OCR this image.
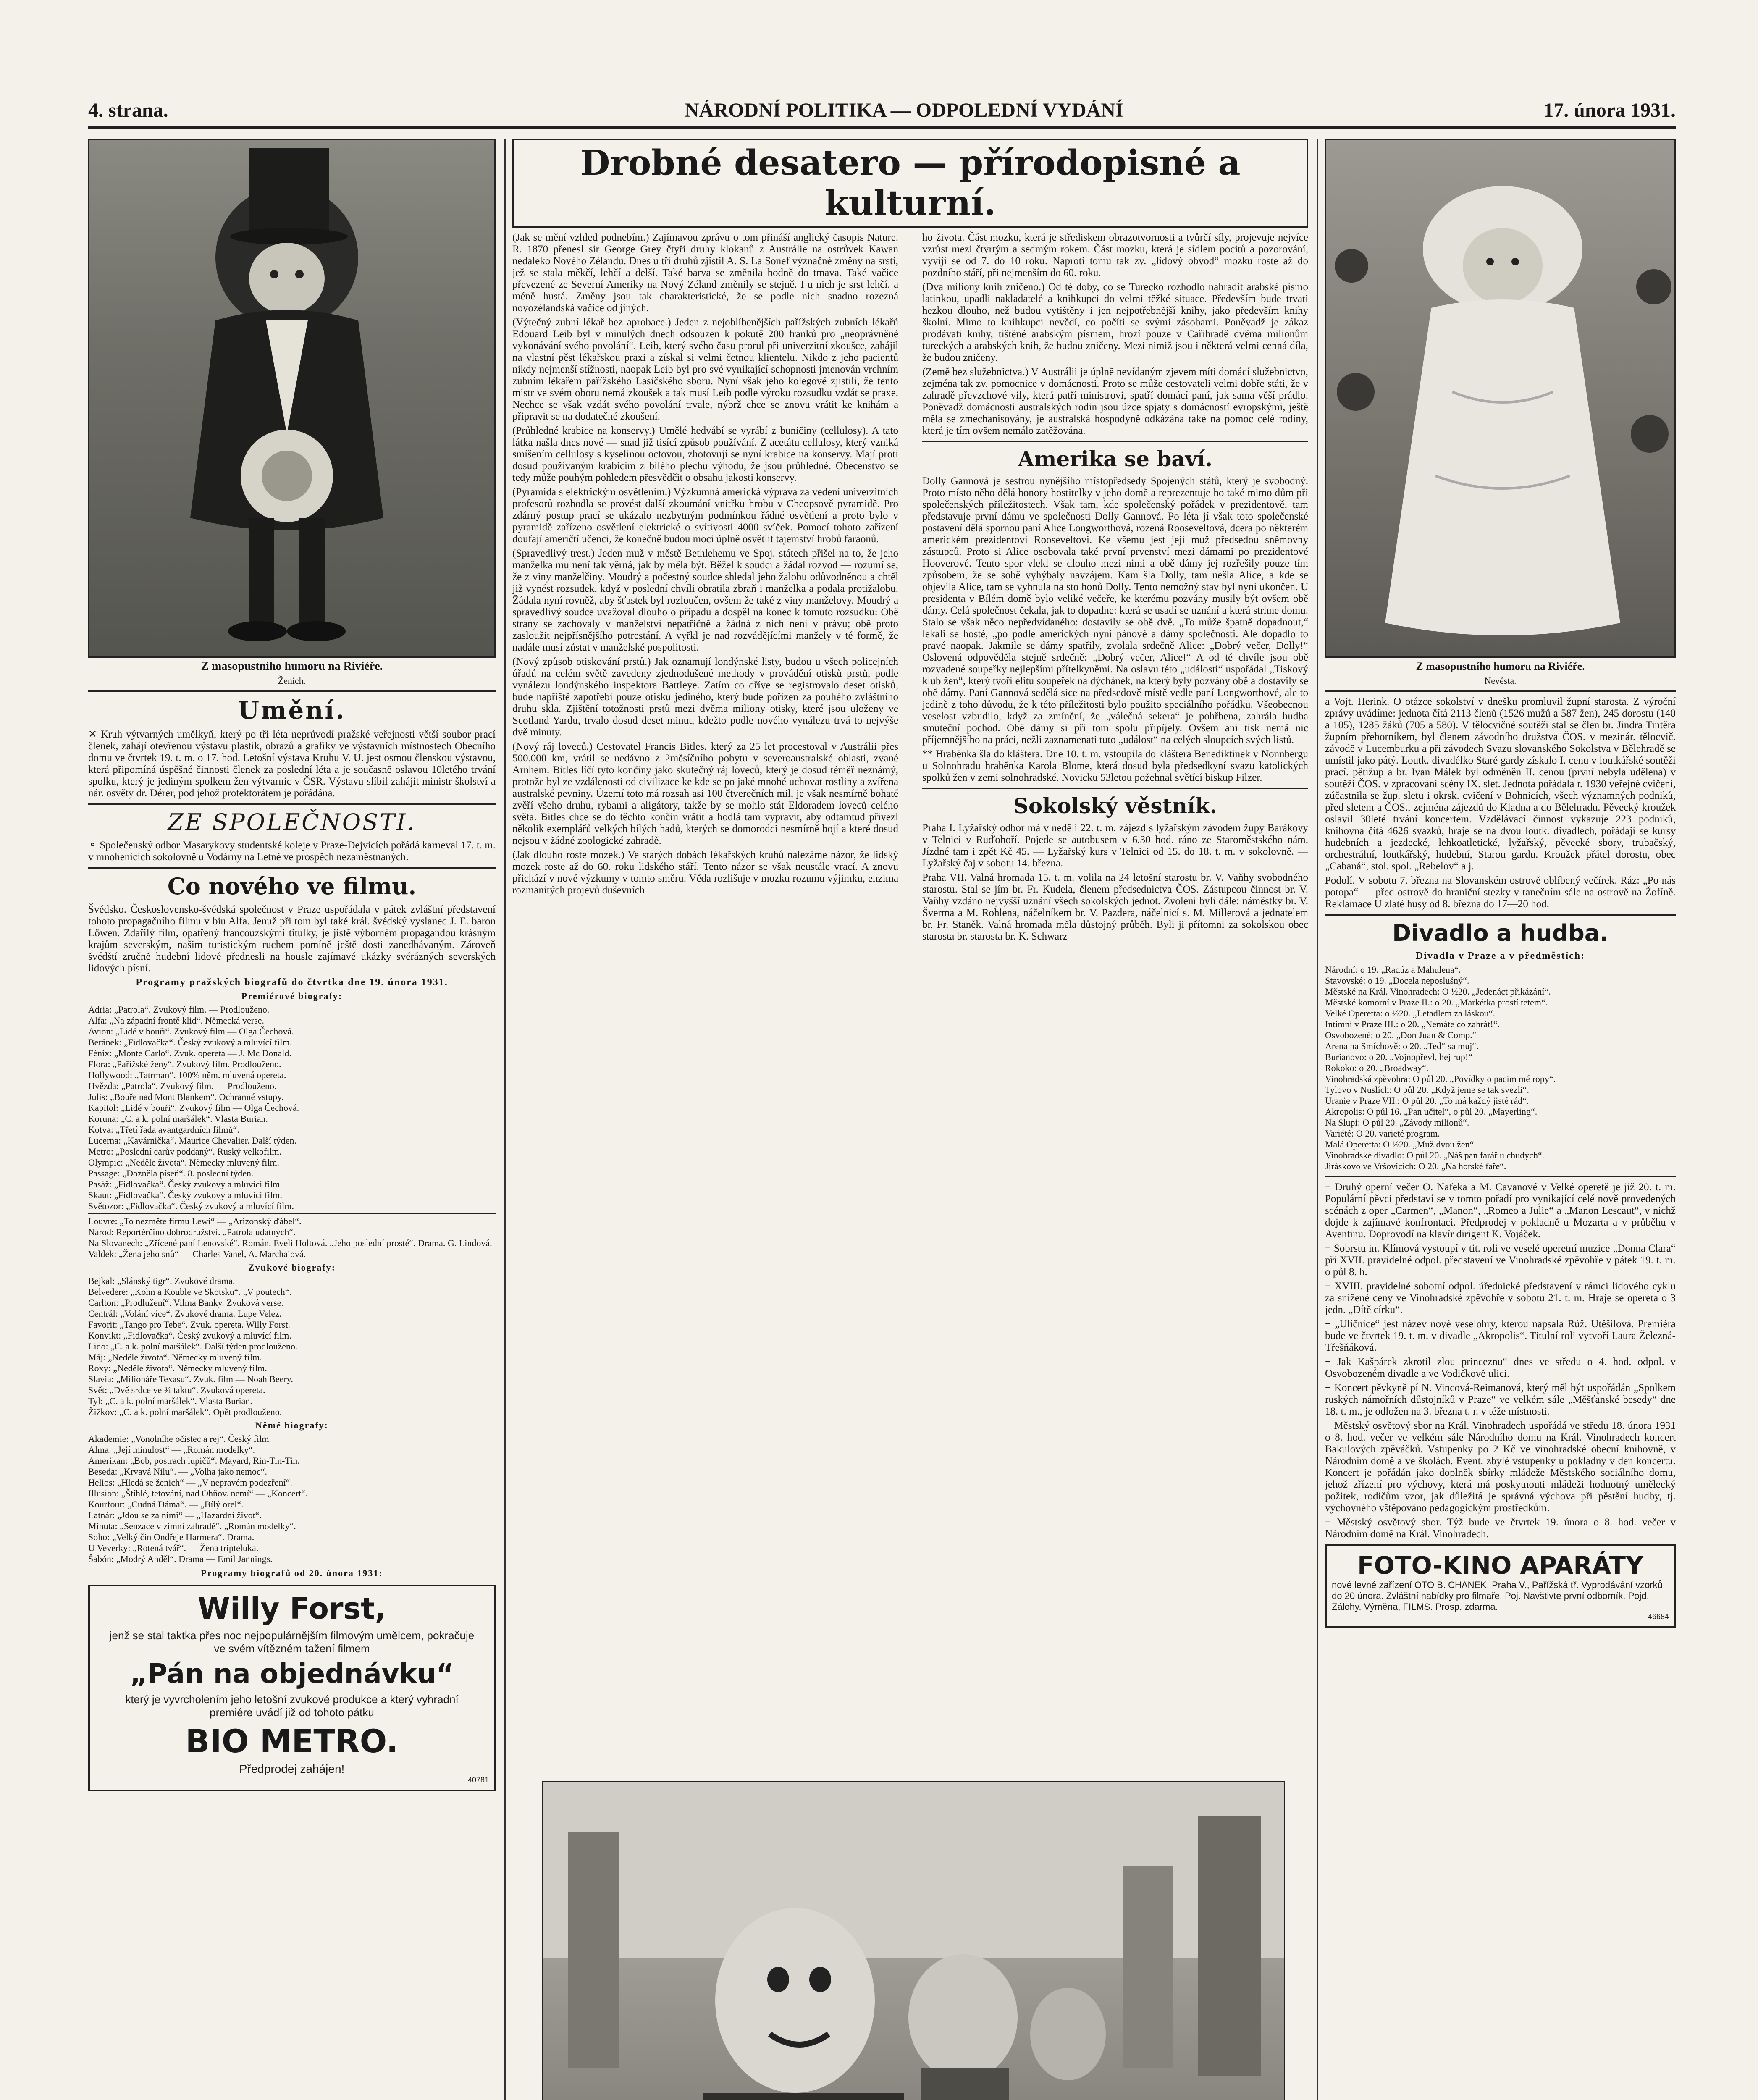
4. strana.	NÁRODNÍ POLITIKA — ODPOLEDNÍ VYDÁNÍ	17. února 1931.
Z masopustního humoru na Riviéře.
Ženich.
Umění.

✕ Kruh výtvarných umělkyň, který po tři léta neprůvodí pražské veřejnosti větší soubor prací členek, zahájí otevřenou výstavu plastik, obrazů a grafiky ve výstavních místnostech Obecního domu ve čtvrtek 19. t. m. o 17. hod. Letošní výstava Kruhu V. U. jest osmou členskou výstavou, která připomíná úspěšné činnosti členek za poslední léta a je současně oslavou 10letého trvání spolku, který je jediným spolkem žen výtvarnic v ČSR. Výstavu slíbil zahájit ministr školství a nár. osvěty dr. Dérer, pod jehož protektorátem je pořádána.

ZE SPOLEČNOSTI.

⚬ Společenský odbor Masarykovy studentské koleje v Praze-Dejvicích pořádá karneval 17. t. m. v mnohenících sokolovně u Vodárny na Letné ve prospěch nezaměstnaných.

Co nového ve filmu.

Švédsko. Československo-švédská společnost v Praze uspořádala v pátek zvláštní představení tohoto propagačního filmu v biu Alfa. Jenuž při tom byl také král. švédský vyslanec J. E. baron Löwen. Zdařilý film, opatřený francouzskými titulky, je jistě výborném propagandou krásným krajům severským, našim turistickým ruchem pomíně ještě dosti zanedbávaným. Zároveň švédští zručně hudební lidové přednesli na housle zajímavé ukázky svérázných severských lidových písní.

Programy pražských biografů do čtvrtka dne 19. února 1931.
Premiérové biografy:

Adria: „Patrola“. Zvukový film. — Prodlouženo.

Alfa: „Na západní frontě klid“. Německá verse.

Avion: „Lidé v bouři“. Zvukový film — Olga Čechová.

Beránek: „Fidlovačka“. Český zvukový a mluvící film.

Fénix: „Monte Carlo“. Zvuk. opereta — J. Mc Donald.

Flora: „Pařížské ženy“. Zvukový film. Prodlouženo.

Hollywood: „Tatrman“. 100% něm. mluvená opereta.

Hvězda: „Patrola“. Zvukový film. — Prodlouženo.

Julis: „Bouře nad Mont Blankem“. Ochranné vstupy.

Kapitol: „Lidé v bouři“. Zvukový film — Olga Čechová.

Koruna: „C. a k. polní maršálek“. Vlasta Burian.

Kotva: „Třetí řada avantgardních filmů“.

Lucerna: „Kavárnička“. Maurice Chevalier. Další týden.

Metro: „Poslední carův poddaný“. Ruský velkofilm.

Olympic: „Neděle života“. Německy mluvený film.

Passage: „Dozněla píseň“. 8. poslední týden.

Pasáž: „Fidlovačka“. Český zvukový a mluvící film.

Skaut: „Fidlovačka“. Český zvukový a mluvící film.

Světozor: „Fidlovačka“. Český zvukový a mluvící film.

Louvre: „To nezměte firmu Lewi“ — „Arizonský ďábel“.

Národ: Reportérčino dobrodružství. „Patrola udatných“.

Na Slovanech: „Zřícené paní Lenovské“. Román. Eveli Holtová. „Jeho poslední prosté“. Drama. G. Lindová.

Valdek: „Žena jeho snů“ — Charles Vanel, A. Marchaiová.

Zvukové biografy:

Bejkal: „Slánský tigr“. Zvukové drama.

Belvedere: „Kohn a Kouble ve Skotsku“. „V poutech“.

Carlton: „Prodlužení“. Vilma Banky. Zvuková verse.

Centrál: „Volání více“. Zvukové drama. Lupe Velez.

Favorit: „Tango pro Tebe“. Zvuk. opereta. Willy Forst.

Konvikt: „Fidlovačka“. Český zvukový a mluvící film.

Lido: „C. a k. polní maršálek“. Další týden prodlouženo.

Máj: „Neděle života“. Německy mluvený film.

Roxy: „Neděle života“. Německy mluvený film.

Slavia: „Milionáře Texasu“. Zvuk. film — Noah Beery.

Svět: „Dvě srdce ve ¾ taktu“. Zvuková opereta.

Tyl: „C. a k. polní maršálek“. Vlasta Burian.

Žižkov: „C. a k. polní maršálek“. Opět prodlouženo.

Němé biografy:

Akademie: „Vonolníhe očistec a rej“. Český film.

Alma: „Její minulost“ — „Román modelky“.

Amerikan: „Bob, postrach lupičů“. Mayard, Rin-Tin-Tin.

Beseda: „Krvavá Nilu“. — „Volha jako nemoc“.

Helios: „Hledá se ženich“ — „V nepravém podezření“.

Illusion: „Štíhlé, tetování, nad Ohňov. nemí“ — „Koncert“.

Kourfour: „Cudná Dáma“. — „Bílý orel“.

Latnár: „Jdou se za nimi“ — „Hazardní život“.

Minuta: „Senzace v zimní zahradě“. „Román modelky“.

Soho: „Velký čin Ondřeje Harmera“. Drama.

U Veverky: „Rotená tvář“. — Žena tripteluka.

Šabón: „Modrý Anděl“. Drama — Emil Jannings.

Programy biografů od 20. února 1931:
Willy Forst,
jenž se stal taktka přes noc nejpopulárnějším filmovým umělcem, pokračuje ve svém vítězném tažení filmem
„Pán na objednávku“
který je vyvrcholením jeho letošní zvukové produkce a který vyhradní premiére uvádí již od tohoto pátku
BIO METRO.
Předprodej zahájen!
40781
Drobné desatero — přírodopisné a kulturní.

(Jak se mění vzhled podnebím.) Zajímavou zprávu o tom přináší anglický časopis Nature. R. 1870 přenesl sir George Grey čtyři druhy klokanů z Austrálie na ostrůvek Kawan nedaleko Nového Zélandu. Dnes u tří druhů zjistil A. S. La Sonef význačné změny na srsti, jež se stala měkčí, lehčí a delší. Také barva se změnila hodně do tmava. Také vačice převezené ze Severní Ameriky na Nový Zéland změnily se stejně. I u nich je srst lehčí, a méně hustá. Změny jsou tak charakteristické, že se podle nich snadno rozezná novozélandská vačice od jiných.

(Výtečný zubní lékař bez aprobace.) Jeden z nejoblíbenějších pařížských zubních lékařů Edouard Leib byl v minulých dnech odsouzen k pokutě 200 franků pro „neoprávněné vykonávání svého povolání“. Leib, který svého času prorul při univerzitní zkoušce, zahájil na vlastní pěst lékařskou praxi a získal si velmi četnou klientelu. Nikdo z jeho pacientů nikdy nejmenší stížnosti, naopak Leib byl pro své vynikající schopnosti jmenován vrchním zubním lékařem pařížského Lasičského sboru. Nyní však jeho kolegové zjistili, že tento mistr ve svém oboru nemá zkoušek a tak musí Leib podle výroku rozsudku vzdát se praxe. Nechce se však vzdát svého povolání trvale, nýbrž chce se znovu vrátit ke knihám a připravit se na dodatečné zkoušení.

(Průhledné krabice na konservy.) Umělé hedvábí se vyrábí z buničiny (cellulosy). A tato látka našla dnes nové — snad již tisící způsob používání. Z acetátu cellulosy, který vzniká smíšením cellulosy s kyselinou octovou, zhotovují se nyní krabice na konservy. Mají proti dosud používaným krabicím z bílého plechu výhodu, že jsou průhledné. Obecenstvo se tedy může pouhým pohledem přesvědčit o obsahu jakosti konservy.

(Pyramida s elektrickým osvětlením.) Výzkumná americká výprava za vedení univerzitních profesorů rozhodla se provést další zkoumání vnitřku hrobu v Cheopsově pyramidě. Pro zdárný postup prací se ukázalo nezbytným podmínkou řádné osvětlení a proto bylo v pyramidě zařízeno osvětlení elektrické o svítivosti 4000 svíček. Pomocí tohoto zařízení doufají američtí učenci, že konečně budou moci úplně osvětlit tajemství hrobů faraonů.

(Spravedlivý trest.) Jeden muž v městě Bethlehemu ve Spoj. státech přišel na to, že jeho manželka mu není tak věrná, jak by měla být. Běžel k soudci a žádal rozvod — rozumí se, že z viny manželčiny. Moudrý a počestný soudce shledal jeho žalobu odůvodněnou a chtěl již vynést rozsudek, když v poslední chvíli obratila zbraň i manželka a podala protižalobu. Žádala nyní rovněž, aby šťastek byl rozloučen, ovšem že také z viny manželovy. Moudrý a spravedlivý soudce uvažoval dlouho o případu a dospěl na konec k tomuto rozsudku: Obě strany se zachovaly v manželství nepatřičně a žádná z nich není v právu; obě proto zasloužit nejpřísnějšího potrestání. A vyřkl je nad rozvádějícími manžely v té formě, že nadále musí zůstat v manželské pospolitosti.

(Nový způsob otiskování prstů.) Jak oznamují londýnské listy, budou u všech policejních úřadů na celém světě zavedeny zjednodušené methody v provádění otisků prstů, podle vynálezu londýnského inspektora Battleye. Zatím co dříve se registrovalo deset otisků, bude napříště zapotřebí pouze otisku jediného, který bude pořízen za pouhého zvláštního druhu skla. Zjištění totožnosti prstů mezi dvěma miliony otisky, které jsou uloženy ve Scotland Yardu, trvalo dosud deset minut, kdežto podle nového vynálezu trvá to nejvýše dvě minuty.

(Nový ráj loveců.) Cestovatel Francis Bitles, který za 25 let procestoval v Austrálii přes 500.000 km, vrátil se nedávno z 2měsíčního pobytu v severoaustralské oblasti, zvané Arnhem. Bitles líčí tyto končiny jako skutečný ráj loveců, který je dosud téměř neznámý, protože byl ze vzdálenosti od civilizace ke kde se po jaké mnohé uchovat rostliny a zvířena australské pevniny. Území toto má rozsah asi 100 čtverečních mil, je však nesmírně bohaté zvěří všeho druhu, rybami a aligátory, takže by se mohlo stát Eldoradem loveců celého světa. Bitles chce se do těchto končin vrátit a hodlá tam vypravit, aby odtamtud přivezl několik exemplářů velkých bílých hadů, kterých se domorodci nesmírně bojí a které dosud nejsou v žádné zoologické zahradě.

(Jak dlouho roste mozek.) Ve starých dobách lékařských kruhů nalezáme názor, že lidský mozek roste až do 60. roku lidského stáří. Tento názor se však neustále vrací. A znovu přichází v nové výzkumy v tomto směru. Věda rozlišuje v mozku rozumu výjimku, enzima rozmanitých projevů duševních

ho života. Část mozku, která je střediskem obrazotvornosti a tvůrčí síly, projevuje nejvíce vzrůst mezi čtvrtým a sedmým rokem. Část mozku, která je sídlem pocitů a pozorování, vyvíjí se od 7. do 10 roku. Naproti tomu tak zv. „lidový obvod“ mozku roste až do pozdního stáří, při nejmenším do 60. roku.

(Dva miliony knih zničeno.) Od té doby, co se Turecko rozhodlo nahradit arabské písmo latinkou, upadli nakladatelé a knihkupci do velmi těžké situace. Především bude trvati hezkou dlouho, než budou vytištěny i jen nejpotřebnější knihy, jako především knihy školní. Mimo to knihkupci nevědí, co počíti se svými zásobami. Poněvadž je zákaz prodávati knihy, tištěné arabským písmem, hrozí pouze v Cařihradě dvěma milionům tureckých a arabských knih, že budou zničeny. Mezi nimiž jsou i některá velmi cenná díla, že budou zničeny.

(Země bez služebnictva.) V Austrálii je úplně nevídaným zjevem míti domácí služebnictvo, zejména tak zv. pomocnice v domácnosti. Proto se může cestovateli velmi dobře státi, že v zahradě převzchové vily, která patří ministrovi, spatří domácí paní, jak sama věší prádlo. Poněvadž domácnosti australských rodin jsou úzce spjaty s domácností evropskými, ještě měla se zmechanisovány, je australská hospodyně odkázána také na pomoc celé rodiny, která je tím ovšem nemálo zatěžována.

Amerika se baví.

Dolly Gannová je sestrou nynějšího místopředsedy Spojených států, který je svobodný. Proto místo něho dělá honory hostitelky v jeho domě a reprezentuje ho také mimo dům při společenských příležitostech. Však tam, kde společenský pořádek v prezidentově, tam představuje první dámu ve společnosti Dolly Gannová. Po léta jí však toto společenské postavení dělá spornou paní Alice Longworthová, rozená Rooseveltová, dcera po některém americkém prezidentovi Rooseveltovi. Ke všemu jest její muž předsedou sněmovny zástupců. Proto si Alice osobovala také první prvenství mezi dámami po prezidentové Hooverové. Tento spor vlekl se dlouho mezi nimi a obě dámy jej rozřešily pouze tím způsobem, že se sobě vyhýbaly navzájem. Kam šla Dolly, tam nešla Alice, a kde se objevila Alice, tam se vyhnula na sto honů Dolly. Tento nemožný stav byl nyní ukončen. U presidenta v Bílém domě bylo veliké večeře, ke kterému pozvány musily být ovšem obě dámy. Celá společnost čekala, jak to dopadne: která se usadí se uznání a která strhne domu. Stalo se však něco nepředvídaného: dostavily se obě dvě. „To může špatně dopadnout,“ lekali se hosté, „po podle amerických nyní pánové a dámy společnosti. Ale dopadlo to pravé naopak. Jakmile se dámy spatřily, zvolala srdečně Alice: „Dobrý večer, Dolly!“ Oslovená odpověděla stejně srdečně: „Dobrý večer, Alice!“ A od té chvíle jsou obě rozvadené soupeřky nejlepšími přítelkyněmi. Na oslavu této „události“ uspořádal „Tiskový klub žen“, který tvoří elitu soupeřek na dýchánek, na který byly pozvány obě a dostavily se obě dámy. Paní Gannová sedělá sice na předsedově místě vedle paní Longworthové, ale to jedině z toho důvodu, že k této příležitosti bylo použito speciálního pořádku. Všeobecnou veselost vzbudilo, když za zmínění, že „válečná sekera“ je pohřbena, zahrála hudba smuteční pochod. Obě dámy si při tom spolu připíjely. Ovšem ani tisk nemá nic příjemnějšího na práci, nežli zaznamenati tuto „událost“ na celých sloupcích svých listů.

** Hraběnka šla do kláštera. Dne 10. t. m. vstoupila do kláštera Benediktinek v Nonnbergu u Solnohradu hraběnka Karola Blome, která dosud byla předsedkyní svazu katolických spolků žen v zemi solnohradské. Novicku 53letou požehnal světící biskup Filzer.

Sokolský věstník.

Praha I. Lyžařský odbor má v neděli 22. t. m. zájezd s lyžařským závodem župy Barákovy v Telnici v Ruďohoří. Pojede se autobusem v 6.30 hod. ráno ze Staroměstského nám. Jízdné tam i zpět Kč 45. — Lyžařský kurs v Telnici od 15. do 18. t. m. v sokolovně. — Lyžařský čaj v sobotu 14. března.

Praha VII. Valná hromada 15. t. m. volila na 24 letošní starostu br. V. Vaňhy svobodného starostu. Stal se jím br. Fr. Kudela, členem předsednictva ČOS. Zástupcou činnost br. V. Vaňhy vzdáno nejvyšší uznání všech sokolských jednot. Zvoleni byli dále: náměstky br. V. Šverma a M. Rohlena, náčelníkem br. V. Pazdera, náčelnicí s. M. Millerová a jednatelem br. Fr. Staněk. Valná hromada měla důstojný průběh. Byli ji přítomni za sokolskou obec starosta br. starosta br. K. Schwarz

Z masopustního humoru na Riviéře.
Nevěsta.

a Vojt. Herink. O otázce sokolství v dnešku promluvil župní starosta. Z výroční zprávy uvádíme: jednota čítá 2113 členů (1526 mužů a 587 žen), 245 dorostu (140 a 105), 1285 žáků (705 a 580). V tělocvičné soutěži stal se člen br. Jindra Tintěra župním přeborníkem, byl členem závodního družstva ČOS. v mezinár. tělocvič. závodě v Lucemburku a při závodech Svazu slovanského Sokolstva v Bělehradě se umístil jako pátý. Loutk. divadélko Staré gardy získalo I. cenu v loutkářské soutěži prací. pětižup a br. Ivan Málek byl odměněn II. cenou (první nebyla udělena) v soutěži ČOS. v zpracování scény IX. slet. Jednota pořádala r. 1930 veřejné cvičení, zúčastnila se žup. sletu i okrsk. cvičení v Bohnicích, všech významných podniků, před sletem a ČOS., zejména zájezdů do Kladna a do Bělehradu. Pěvecký kroužek oslavil 30leté trvání koncertem. Vzdělávací činnost vykazuje 223 podniků, knihovna čítá 4626 svazků, hraje se na dvou loutk. divadlech, pořádají se kursy hudebních a jezdecké, lehkoatletické, lyžařský, pěvecké sbory, trubačský, orchestrální, loutkářský, hudební, Starou gardu. Kroužek přátel dorostu, obec „Cabaná“, stol. spol. „Rebelov“ a j.

Podolí. V sobotu 7. března na Slovanském ostrově oblíbený večírek. Ráz: „Po nás potopa“ — před ostrově do hraniční stezky v tanečním sále na ostrově na Žofíně. Reklamace U zlaté husy od 8. března do 17—20 hod.

Divadlo a hudba.
Divadla v Praze a v předměstích:

Národní: o 19. „Radúz a Mahulena“.

Stavovské: o 19. „Docela neposlušný“.

Městské na Král. Vinohradech: O ½20. „Jedenáct přikázání“.

Městské komorní v Praze II.: o 20. „Markétka prostí tetem“.

Velké Operetta: o ½20. „Letadlem za láskou“.

Intimní v Praze III.: o 20. „Nemáte co zahrát!“.

Osvobozené: o 20. „Don Juan & Comp.“

Arena na Smíchově: o 20. „Ted“ sa muj“.

Burianovo: o 20. „Vojnopřevl, hej rup!“

Rokoko: o 20. „Broadway“.

Vinohradská zpěvohra: O půl 20. „Povídky o pacim mé ropy“.

Tylovo v Nuslích: O půl 20. „Když jeme se tak svezli“.

Uranie v Praze VII.: O půl 20. „To má každý jisté rád“.

Akropolis: O půl 16. „Pan učitel“, o půl 20. „Mayerling“.

Na Slupi: O půl 20. „Závody milionů“.

Variété: O 20. varieté program.

Malá Operetta: O ½20. „Muž dvou žen“.

Vinohradské divadlo: O půl 20. „Náš pan farář u chudých“.

Jiráskovo ve Vršovicích: O 20. „Na horské faře“.

+ Druhý operní večer O. Nafeka a M. Cavanové v Velké operetě je již 20. t. m. Populární pěvci představí se v tomto pořadí pro vynikající celé nově provedených scénách z oper „Carmen“, „Manon“, „Romeo a Julie“ a „Manon Lescaut“, v nichž dojde k zajímavé konfrontaci. Předprodej v pokladně u Mozarta a v průběhu v Aventinu. Doprovodí na klavír dirigent K. Vojáček.

+ Sobrstu in. Klímová vystoupí v tit. roli ve veselé operetní muzice „Donna Clara“ při XVII. pravidelné odpol. představení ve Vinohradské zpěvohře v pátek 19. t. m. o půl 8. h.

+ XVIII. pravidelné sobotní odpol. úřednické představení v rámci lidového cyklu za snížené ceny ve Vinohradské zpěvohře v sobotu 21. t. m. Hraje se opereta o 3 jedn. „Dítě círku“.

+ „Uličnice“ jest název nové veselohry, kterou napsala Rúž. Utěšilová. Premiéra bude ve čtvrtek 19. t. m. v divadle „Akropolis“. Titulní roli vytvoří Laura Železná-Třešňáková.

+ Jak Kašpárek zkrotil zlou princeznu“ dnes ve středu o 4. hod. odpol. v Osvobozeném divadle a ve Vodičkově ulici.

+ Koncert pěvkyně pí N. Vincová-Reimanová, který měl být uspořádán „Spolkem ruských námořních důstojníků v Praze“ ve velkém sále „Měšťanské besedy“ dne 18. t. m., je odložen na 3. března t. r. v téže místnosti.

+ Městský osvětový sbor na Král. Vinohradech uspořádá ve středu 18. února 1931 o 8. hod. večer ve velkém sále Národního domu na Král. Vinohradech koncert Bakulových zpěváčků. Vstupenky po 2 Kč ve vinohradské obecní knihovně, v Národním domě a ve školách. Event. zbylé vstupenky u pokladny v den koncertu. Koncert je pořádán jako doplněk sbírky mládeže Městského sociálního domu, jehož zřízení pro výchovy, která má poskytnouti mládeži hodnotný umělecký požitek, rodičům vzor, jak důležitá je správná výchova při pěstění hudby, tj. výchovného vštěpováno pedagogickým prostředkům.

+ Městský osvětový sbor. Týž bude ve čtvrtek 19. února o 8. hod. večer v Národním domě na Král. Vinohradech.

FOTO-KINO APARÁTY
nové levné zařízení OTO B. CHANEK, Praha V., Pařížská tř. Vyprodávání vzorků do 20 února. Zvláštní nabídky pro filmaře. Poj. Navštivte první odborník. Pojd. Zálohy. Výměna, FILMS. Prosp. zdarma.
46684
